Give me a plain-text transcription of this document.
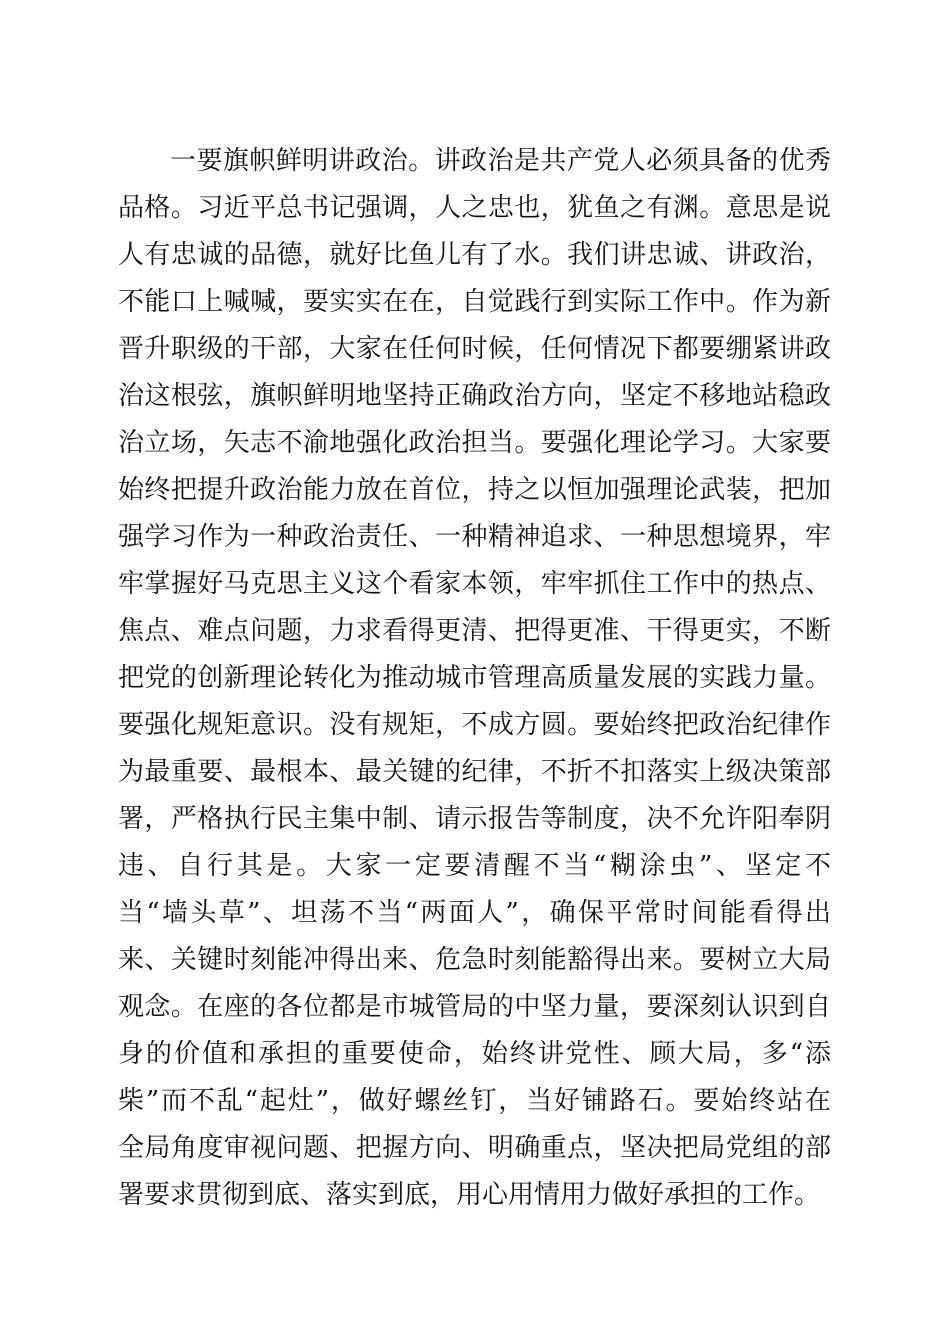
一要旗帜鲜明讲政治。讲政治是共产党人必须具备的优秀
品格。习近平总书记强调，人之忠也，犹鱼之有渊。意思是说
人有忠诚的品德，就好比鱼儿有了水。我们讲忠诚、讲政治，
不能口上喊喊，要实实在在，自觉践行到实际工作中。作为新
晋升职级的干部，大家在任何时候，任何情况下都要绷紧讲政
治这根弦，旗帜鲜明地坚持正确政治方向，坚定不移地站稳政
治立场，矢志不渝地强化政治担当。要强化理论学习。大家要
始终把提升政治能力放在首位，持之以恒加强理论武装，把加
强学习作为一种政治责任、一种精神追求、一种思想境界，牢
牢掌握好马克思主义这个看家本领，牢牢抓住工作中的热点、
焦点、难点问题，力求看得更清、把得更准、干得更实，不断
把党的创新理论转化为推动城市管理高质量发展的实践力量。
要强化规矩意识。没有规矩，不成方圆。要始终把政治纪律作
为最重要、最根本、最关键的纪律，不折不扣落实上级决策部
署，严格执行民主集中制、请示报告等制度，决不允许阳奉阴
违、自行其是。大家一定要清醒不当“糊涂虫”、坚定不
当“墙头草”、坦荡不当“两面人”，确保平常时间能看得出
来、关键时刻能冲得出来、危急时刻能豁得出来。要树立大局
观念。在座的各位都是市城管局的中坚力量，要深刻认识到自
身的价值和承担的重要使命，始终讲党性、顾大局，多“添
柴”而不乱“起灶”，做好螺丝钉，当好铺路石。要始终站在
全局角度审视问题、把握方向、明确重点，坚决把局党组的部
署要求贯彻到底、落实到底，用心用情用力做好承担的工作。
